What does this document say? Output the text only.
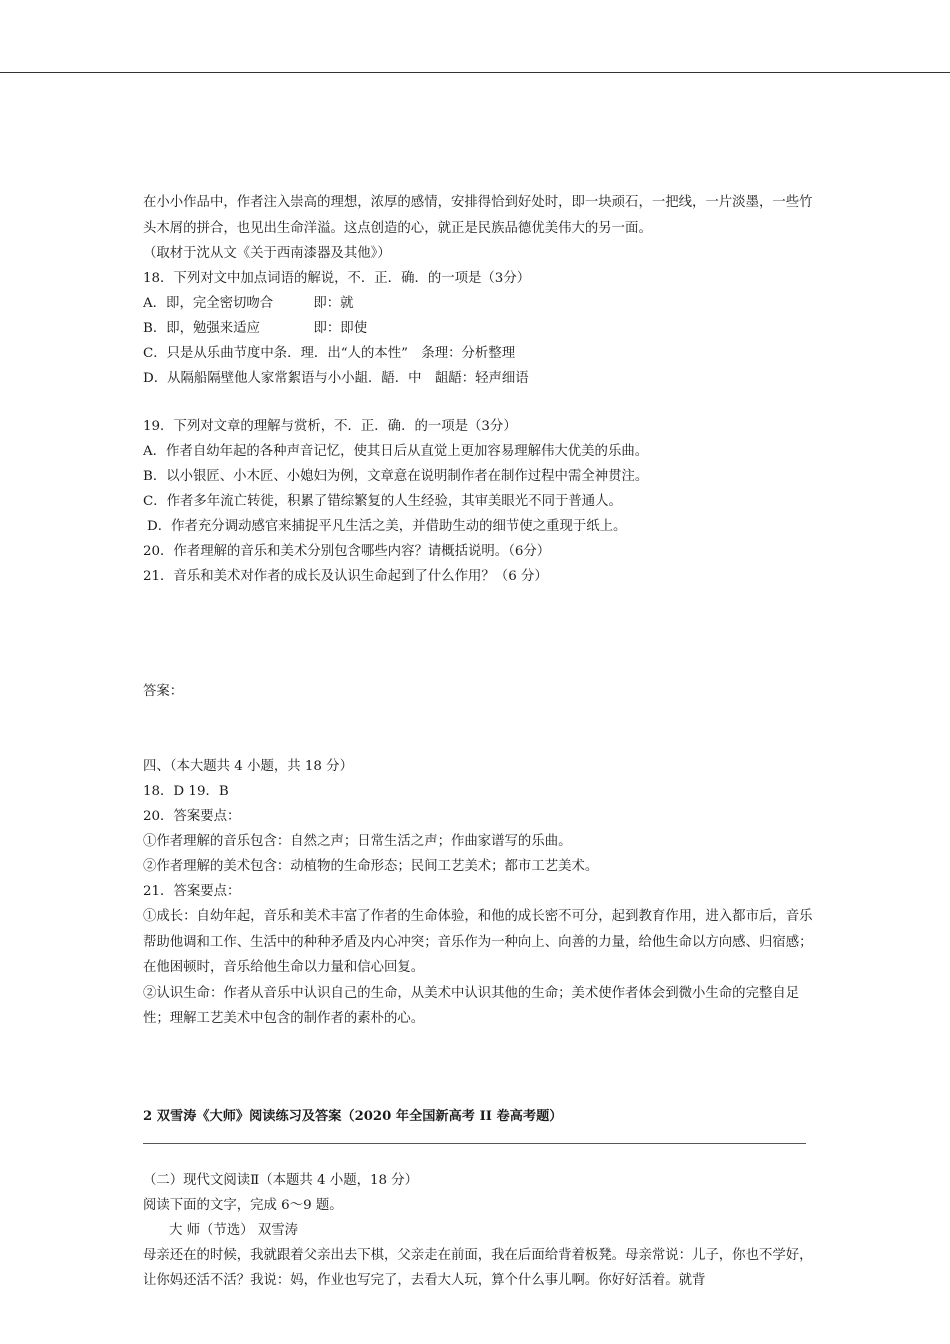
在小小作品中，作者注入崇高的理想，浓厚的感情，安排得恰到好处时，即一块顽石，一把线，一片淡墨，一些竹头木屑的拼合，也见出生命洋溢。这点创造的心，就正是民族品德优美伟大的另一面。
（取材于沈从文《关于西南漆器及其他》）
18．下列对文中加点词语的解说，不．正．确．的一项是（3分）
A．即，完全密切吻合　　　即：就
B．即，勉强来适应　　　　即：即使
C．只是从乐曲节度中条．理．出“人的本性”　条理：分析整理
D．从隔船隔壁他人家常絮语与小小龃．龉．中　龃龉：轻声细语
19．下列对文章的理解与赏析，不．正．确．的一项是（3分）
A．作者自幼年起的各种声音记忆，使其日后从直觉上更加容易理解伟大优美的乐曲。
B．以小银匠、小木匠、小媳妇为例，文章意在说明制作者在制作过程中需全神贯注。
C．作者多年流亡转徙，积累了错综繁复的人生经验，其审美眼光不同于普通人。
D．作者充分调动感官来捕捉平凡生活之美，并借助生动的细节使之重现于纸上。
20．作者理解的音乐和美术分别包含哪些内容？请概括说明。（6分）
21．音乐和美术对作者的成长及认识生命起到了什么作用？（6 分）
答案：
四、（本大题共 4 小题，共 18 分）
18．D 19．B
20．答案要点：
①作者理解的音乐包含：自然之声；日常生活之声；作曲家谱写的乐曲。
②作者理解的美术包含：动植物的生命形态；民间工艺美术；都市工艺美术。
21．答案要点：
①成长：自幼年起，音乐和美术丰富了作者的生命体验，和他的成长密不可分，起到教育作用，进入都市后，音乐帮助他调和工作、生活中的种种矛盾及内心冲突；音乐作为一种向上、向善的力量，给他生命以方向感、归宿感；在他困顿时，音乐给他生命以力量和信心回复。
②认识生命：作者从音乐中认识自己的生命，从美术中认识其他的生命；美术使作者体会到微小生命的完整自足性；理解工艺美术中包含的制作者的素朴的心。
2 双雪涛《大师》阅读练习及答案（2020 年全国新高考 II 卷高考题）
（二）现代文阅读Ⅱ（本题共 4 小题，18 分）
阅读下面的文字，完成 6～9 题。
大 师（节选） 双雪涛
母亲还在的时候，我就跟着父亲出去下棋，父亲走在前面，我在后面给背着板凳。母亲常说：儿子，你也不学好，让你妈还活不活？我说：妈，作业也写完了，去看大人玩，算个什么事儿啊。你好好活着。就背
